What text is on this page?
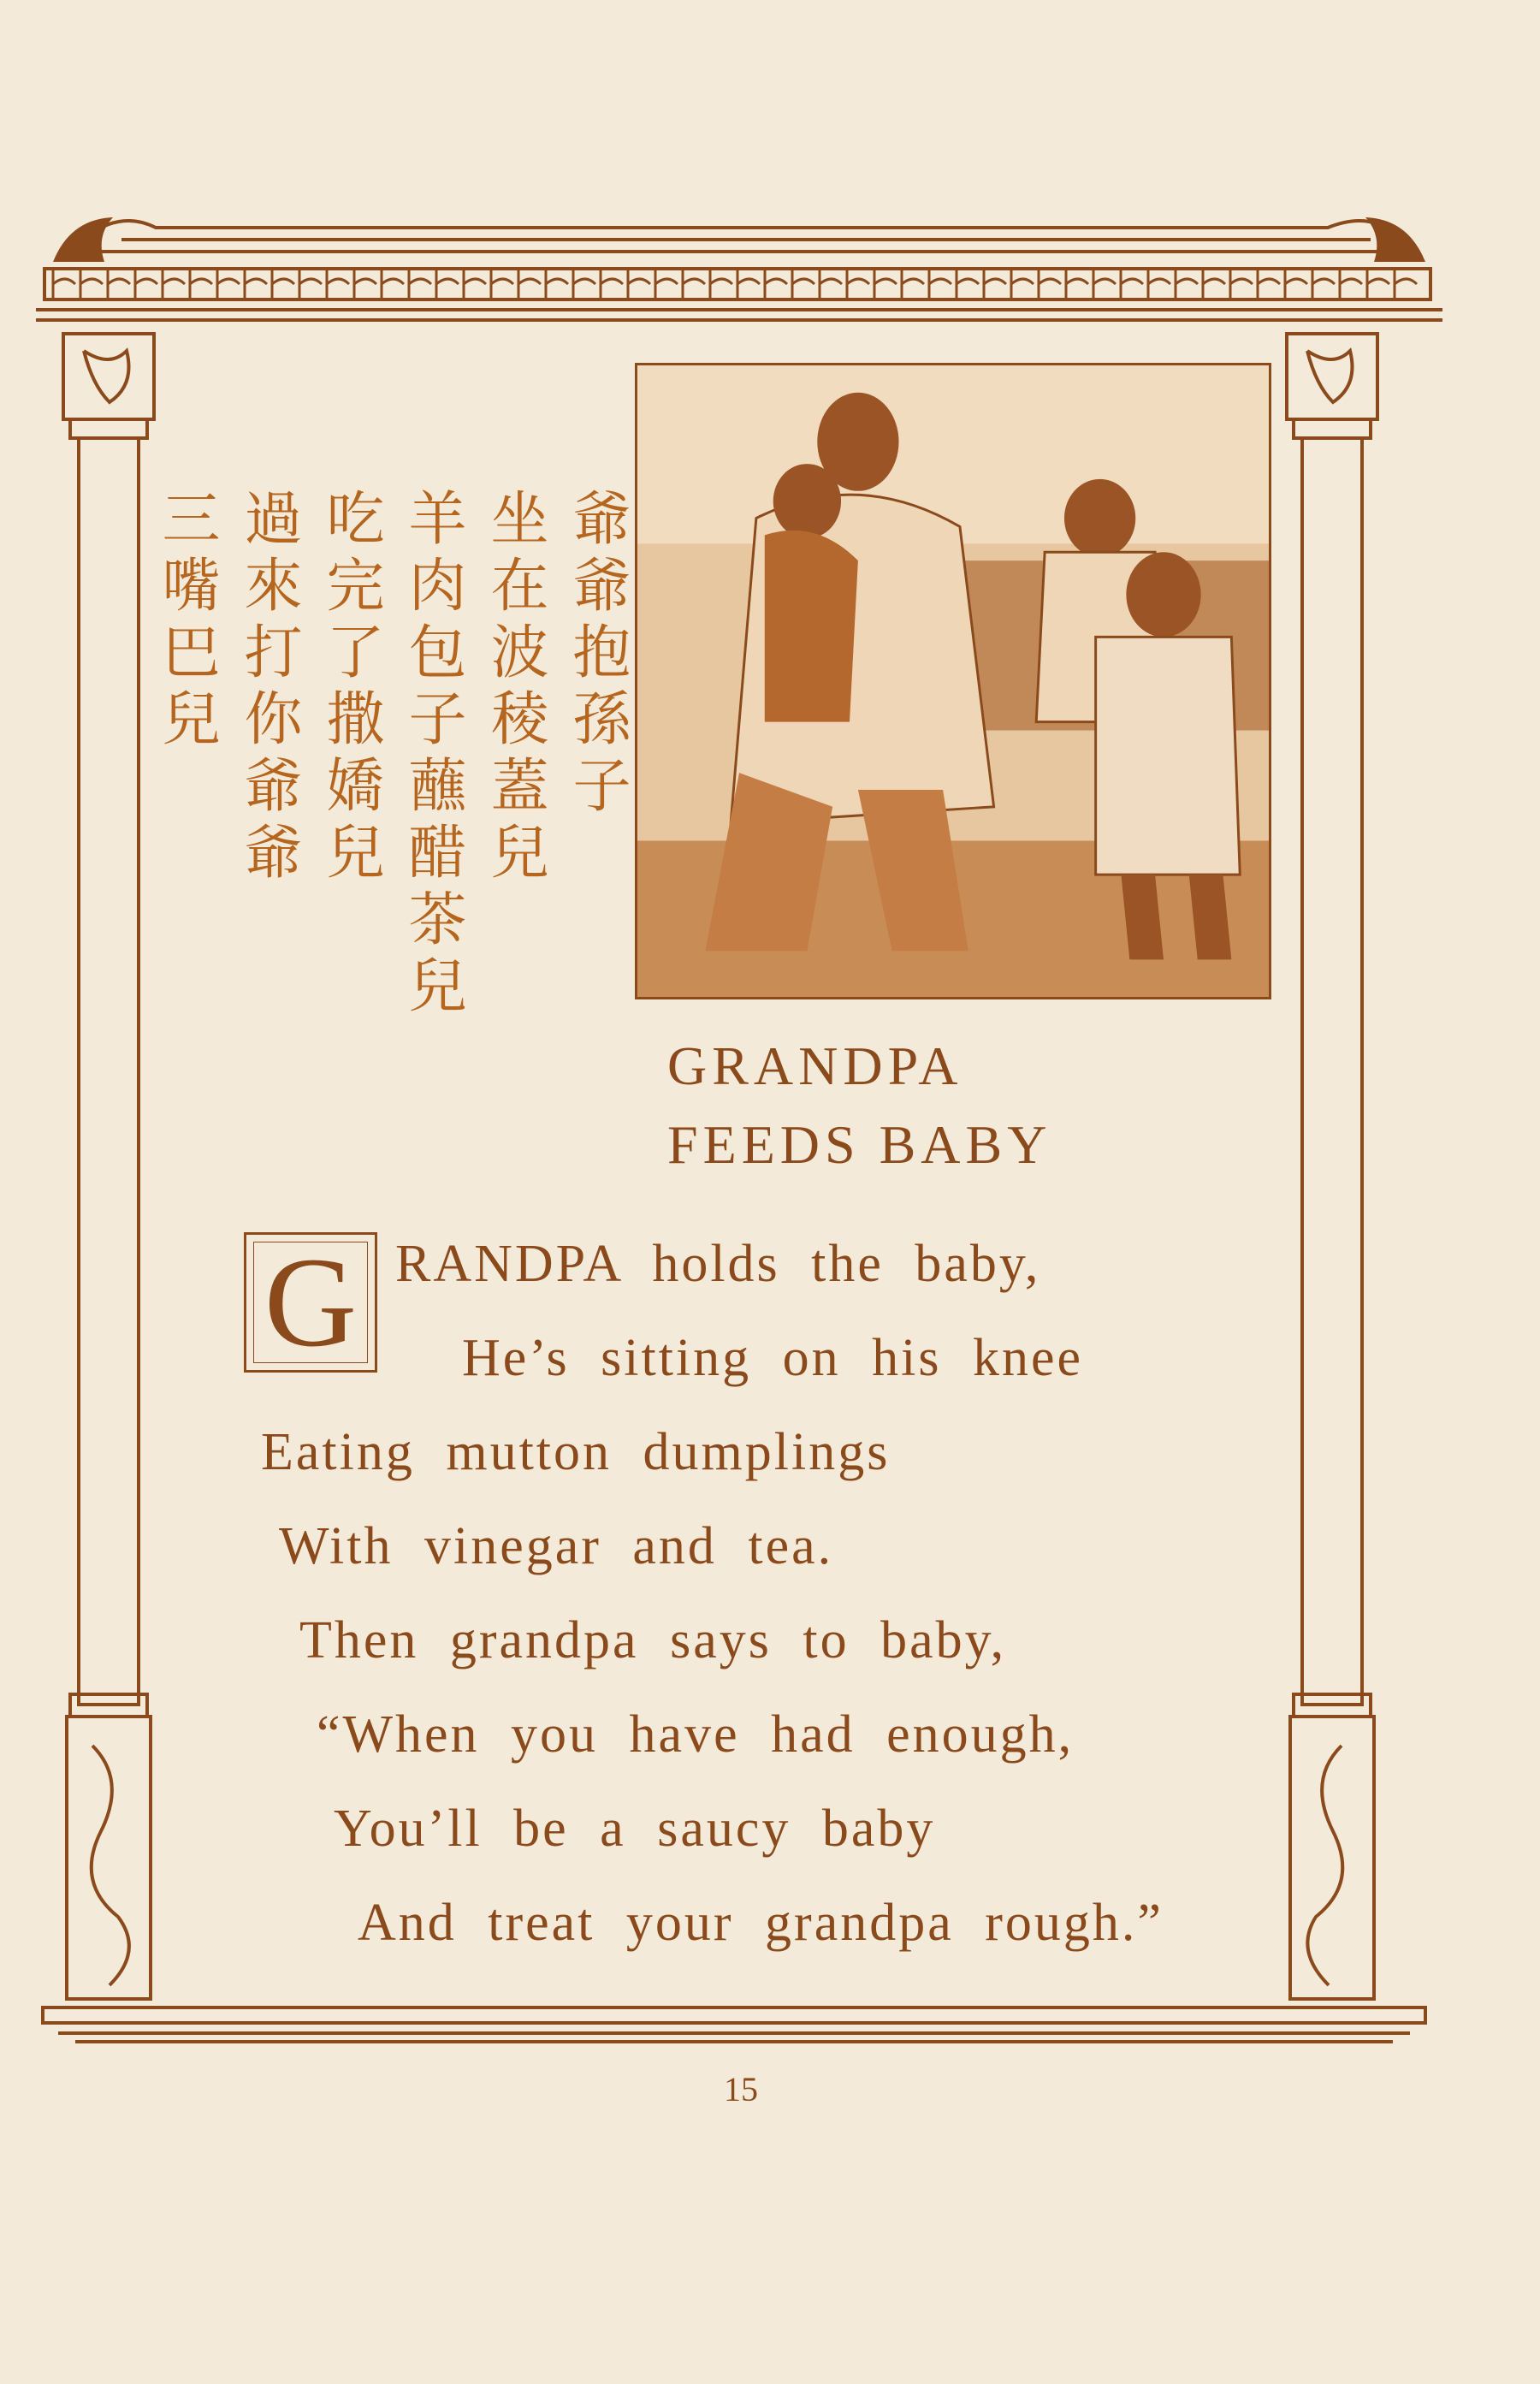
爺爺抱孫子 坐在波稜蓋兒 羊肉包子蘸醋茶兒 吃完了撒嬌兒 過來打你爺爺 三嘴巴兒
GRANDPA
FEEDS BABY
G RANDPA holds the baby,
He’s sitting on his knee
Eating mutton dumplings
With vinegar and tea.
Then grandpa says to baby,
“When you have had enough,
You’ll be a saucy baby
And treat your grandpa rough.”
15
